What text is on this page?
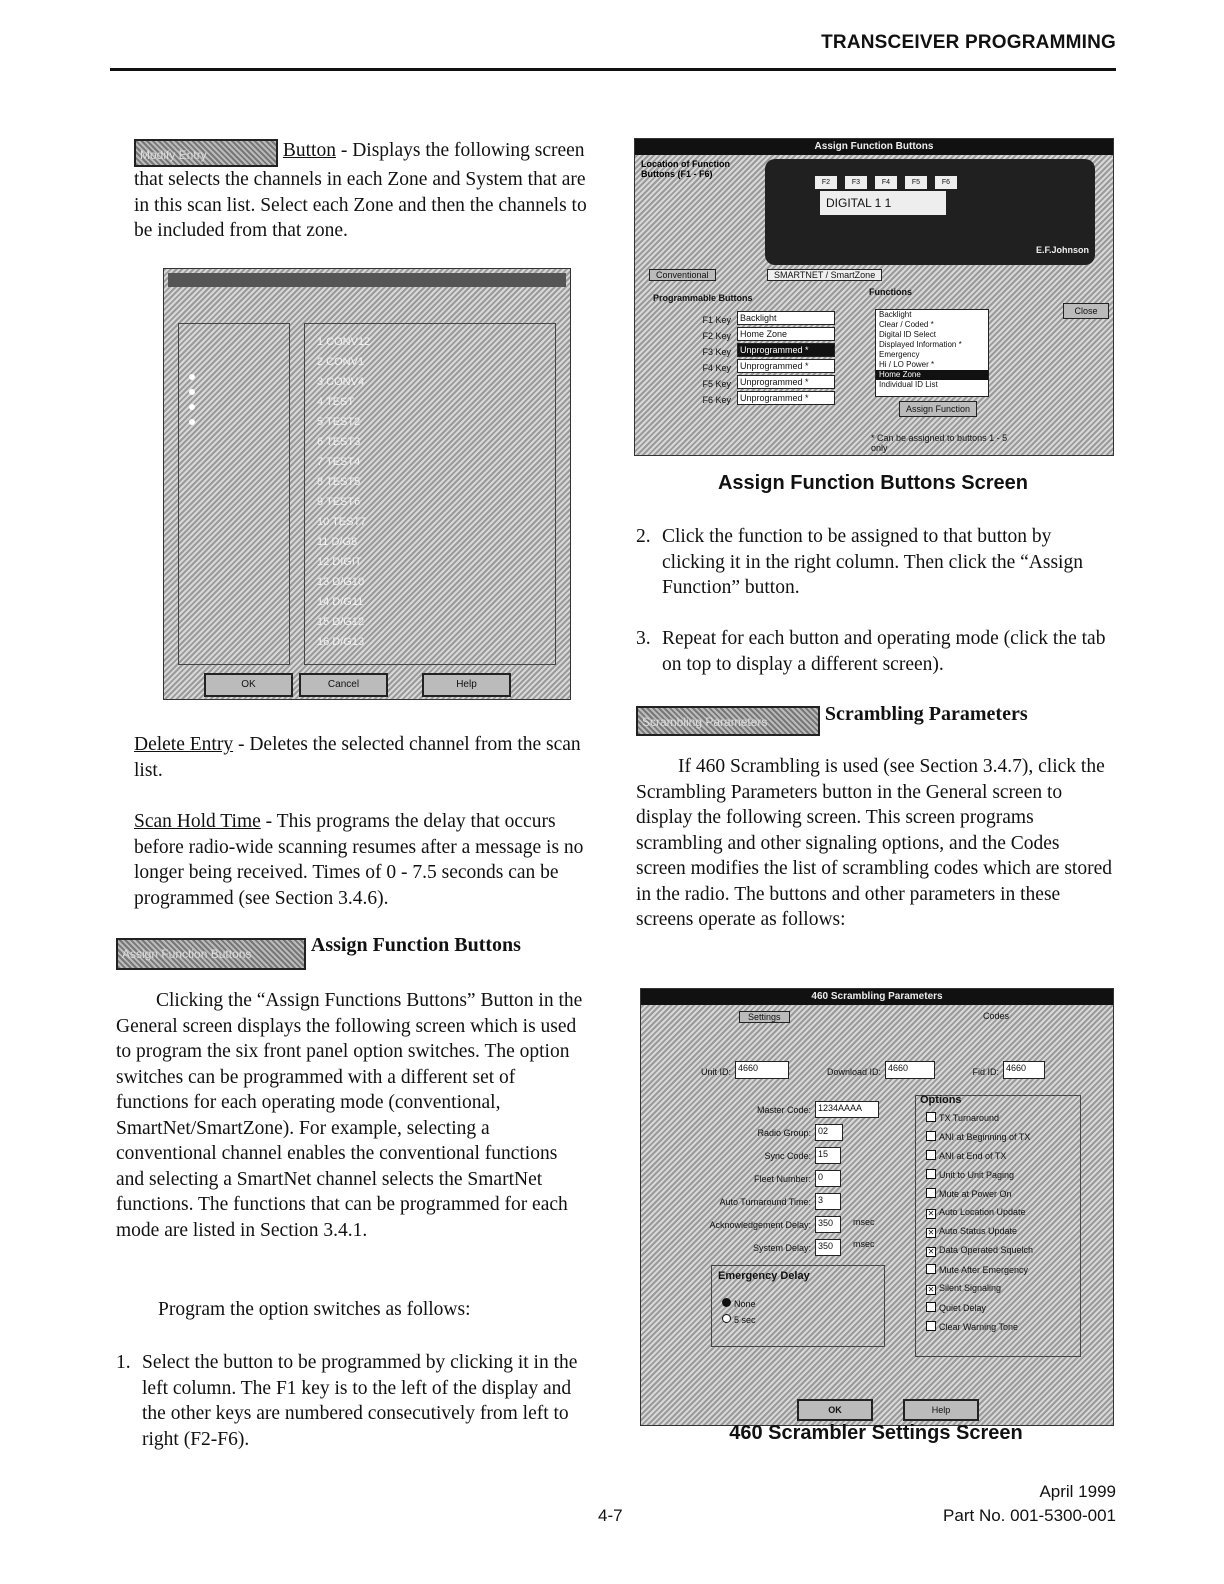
TRANSCEIVER PROGRAMMING

Modify Entry	Button - Displays the following screen that selects the channels in each Zone and System that are in this scan list. Select each Zone and then the channels to be included from that zone.

1 CONV12
2 CONV1
3 CONV4
4 TEST
5 TEST2
6 TEST3
7 TEST4
8 TEST5
9 TEST6
10 TEST7
11 D/G8
12 DIGIT
13 D/G10
14 D/G11
15 D/G12
16 D/G13
OK	Cancel	Help

Delete Entry - Deletes the selected channel from the scan list.

Scan Hold Time - This programs the delay that occurs before radio-wide scanning resumes after a message is no longer being received. Times of 0 - 7.5 seconds can be programmed (see Section 3.4.6).

Assign Function Buttons	Assign Function Buttons

Clicking the “Assign Functions Buttons” Button in the General screen displays the following screen which is used to program the six front panel option switches. The option switches can be programmed with a different set of functions for each operating mode (conventional, SmartNet/SmartZone). For example, selecting a conventional channel enables the conventional functions and selecting a SmartNet channel selects the SmartNet functions. The functions that can be programmed for each mode are listed in Section 3.4.1.

Program the option switches as follows:

1. Select the button to be programmed by clicking it in the left column. The F1 key is to the left of the display and the other keys are numbered consecutively from left to right (F2-F6).

Assign Function Buttons
Location of Function Buttons (F1 - F6)
F2	F3	F4	F5	F6
DIGITAL 1 1
E.F.Johnson
Conventional	SMARTNET / SmartZone
Programmable Buttons
Functions
Backlight
Clear / Coded *
Digital ID Select
Displayed Information *
Emergency
Hi / LO Power *
Home Zone
Individual ID List
Assign Function
Close
* Can be assigned to buttons 1 - 5 only
F1 Key	Backlight
F2 Key	Home Zone
F3 Key	Unprogrammed *
F4 Key	Unprogrammed *
F5 Key	Unprogrammed *
F6 Key	Unprogrammed *
Assign Function Buttons Screen
2. Click the function to be assigned to that button by clicking it in the right column. Then click the “Assign Function” button.

3. Repeat for each button and operating mode (click the tab on top to display a different screen).

Scrambling Parameters	Scrambling Parameters

If 460 Scrambling is used (see Section 3.4.7), click the Scrambling Parameters button in the General screen to display the following screen. This screen programs scrambling and other signaling options, and the Codes screen modifies the list of scrambling codes which are stored in the radio. The buttons and other parameters in these screens operate as follows:

460 Scrambling Parameters
Settings	Codes
Unit ID: 4660	Download ID: 4660	Fid ID: 4660
msec
msec
Options
TX Turnaround
ANI at Beginning of TX
ANI at End of TX
Unit to Unit Paging
Mute at Power On
✕ Auto Location Update
✕ Auto Status Update
✕ Data Operated Squelch
Mute After Emergency
✕ Silent Signaling
Quiet Delay
Clear Warning Tone
Emergency Delay
None
5 sec
OK	Help
Master Code: 1234AAAA
Radio Group: 02
Sync Code: 15
Fleet Number: 0
Auto Turnaround Time: 3
Acknowledgement Delay: 350
System Delay: 350
460 Scrambler Settings Screen
April 1999
4-7	Part No. 001-5300-001
